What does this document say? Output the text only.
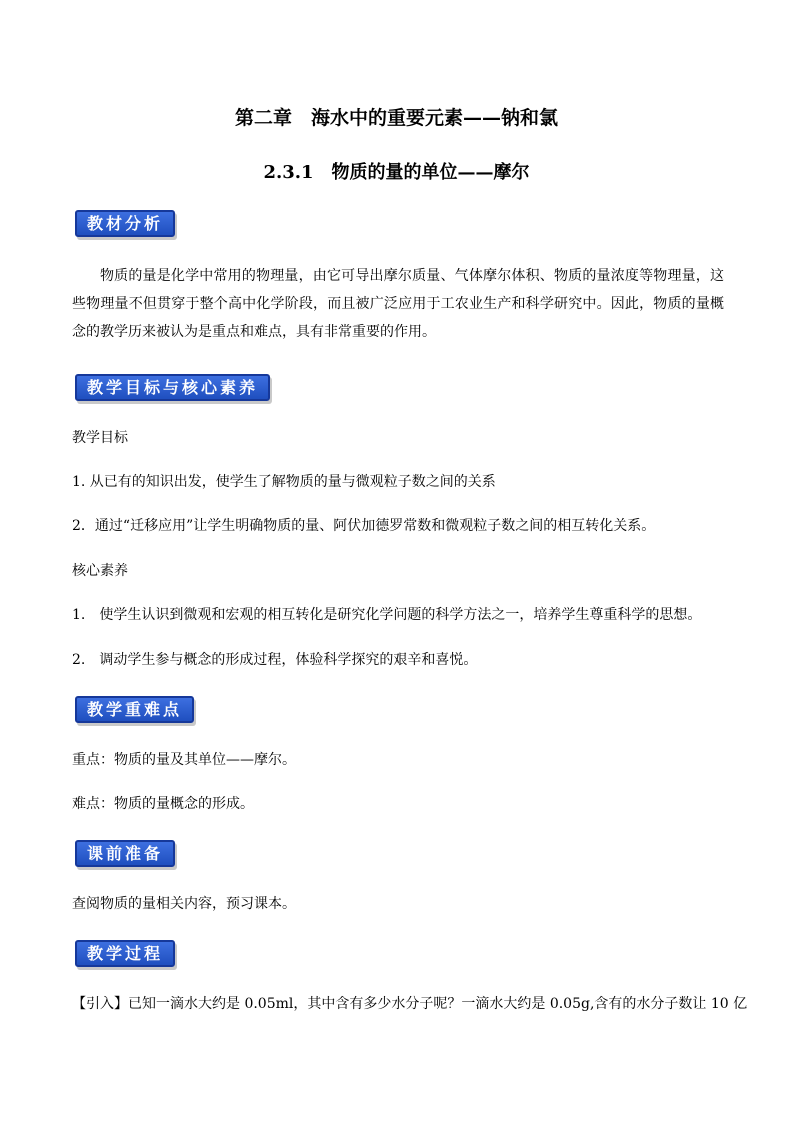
第二章　海水中的重要元素——钠和氯
2.3.1　物质的量的单位——摩尔
教材分析

物质的量是化学中常用的物理量，由它可导出摩尔质量、气体摩尔体积、物质的量浓度等物理量，这些物理量不但贯穿于整个高中化学阶段，而且被广泛应用于工农业生产和科学研究中。因此，物质的量概念的教学历来被认为是重点和难点，具有非常重要的作用。

教学目标与核心素养

教学目标

1. 从已有的知识出发，使学生了解物质的量与微观粒子数之间的关系

2．通过“迁移应用”让学生明确物质的量、阿伏加德罗常数和微观粒子数之间的相互转化关系。

核心素养

1.　使学生认识到微观和宏观的相互转化是研究化学问题的科学方法之一，培养学生尊重科学的思想。

2.　调动学生参与概念的形成过程，体验科学探究的艰辛和喜悦。

教学重难点

重点：物质的量及其单位——摩尔。

难点：物质的量概念的形成。

课前准备

查阅物质的量相关内容，预习课本。

教学过程

【引入】已知一滴水大约是 0.05ml，其中含有多少水分子呢？一滴水大约是 0.05g,含有的水分子数让 10 亿
